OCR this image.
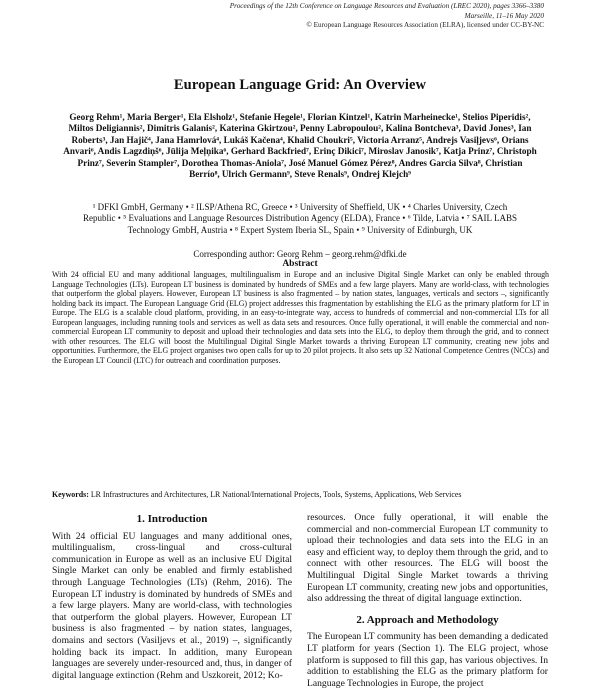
Proceedings of the 12th Conference on Language Resources and Evaluation (LREC 2020), pages 3366–3380
Marseille, 11–16 May 2020
© European Language Resources Association (ELRA), licensed under CC-BY-NC
European Language Grid: An Overview
Georg Rehm¹, Maria Berger¹, Ela Elsholz¹, Stefanie Hegele¹, Florian Kintzel¹, Katrin Marheinecke¹, Stelios Piperidis², Miltos Deligiannis², Dimitris Galanis², Katerina Gkirtzou², Penny Labropoulou², Kalina Bontcheva³, David Jones³, Ian Roberts³, Jan Hajič⁴, Jana Hamrlová⁴, Lukáš Kačena⁴, Khalid Choukri⁵, Victoria Arranz⁵, Andrejs Vasiļjevs⁶, Orians Anvari⁶, Andis Lagzdiņš⁶, Jūlija Meļņika⁶, Gerhard Backfried⁷, Erinç Dikici⁷, Miroslav Janosik⁷, Katja Prinz⁷, Christoph Prinz⁷, Severin Stampler⁷, Dorothea Thomas-Aniola⁷, José Manuel Gómez Pérez⁸, Andres Garcia Silva⁸, Christian Berrío⁸, Ulrich Germann⁹, Steve Renals⁹, Ondrej Klejch⁹
¹ DFKI GmbH, Germany • ² ILSP/Athena RC, Greece • ³ University of Sheffield, UK • ⁴ Charles University, Czech Republic • ⁵ Evaluations and Language Resources Distribution Agency (ELDA), France • ⁶ Tilde, Latvia • ⁷ SAIL LABS Technology GmbH, Austria • ⁸ Expert System Iberia SL, Spain • ⁹ University of Edinburgh, UK
Corresponding author: Georg Rehm – georg.rehm@dfki.de
Abstract
With 24 official EU and many additional languages, multilingualism in Europe and an inclusive Digital Single Market can only be enabled through Language Technologies (LTs). European LT business is dominated by hundreds of SMEs and a few large players. Many are world-class, with technologies that outperform the global players. However, European LT business is also fragmented – by nation states, languages, verticals and sectors –, significantly holding back its impact. The European Language Grid (ELG) project addresses this fragmentation by establishing the ELG as the primary platform for LT in Europe. The ELG is a scalable cloud platform, providing, in an easy-to-integrate way, access to hundreds of commercial and non-commercial LTs for all European languages, including running tools and services as well as data sets and resources. Once fully operational, it will enable the commercial and non-commercial European LT community to deposit and upload their technologies and data sets into the ELG, to deploy them through the grid, and to connect with other resources. The ELG will boost the Multilingual Digital Single Market towards a thriving European LT community, creating new jobs and opportunities. Furthermore, the ELG project organises two open calls for up to 20 pilot projects. It also sets up 32 National Competence Centres (NCCs) and the European LT Council (LTC) for outreach and coordination purposes.
Keywords: LR Infrastructures and Architectures, LR National/International Projects, Tools, Systems, Applications, Web Services
1. Introduction

With 24 official EU languages and many additional ones, multilingualism, cross-lingual and cross-cultural communication in Europe as well as an inclusive EU Digital Single Market can only be enabled and firmly established through Language Technologies (LTs) (Rehm, 2016). The European LT industry is dominated by hundreds of SMEs and a few large players. Many are world-class, with technologies that outperform the global players. However, European LT business is also fragmented – by nation states, languages, domains and sectors (Vasiljevs et al., 2019) –, significantly holding back its impact. In addition, many European languages are severely under-resourced and, thus, in danger of digital language extinction (Rehm and Uszkoreit, 2012; Ko-

resources. Once fully operational, it will enable the commercial and non-commercial European LT community to upload their technologies and data sets into the ELG in an easy and efficient way, to deploy them through the grid, and to connect with other resources. The ELG will boost the Multilingual Digital Single Market towards a thriving European LT community, creating new jobs and opportunities, also addressing the threat of digital language extinction.

2. Approach and Methodology

The European LT community has been demanding a dedicated LT platform for years (Section 1). The ELG project, whose platform is supposed to fill this gap, has various objectives. In addition to establishing the ELG as the primary platform for Language Technologies in Europe, the project
